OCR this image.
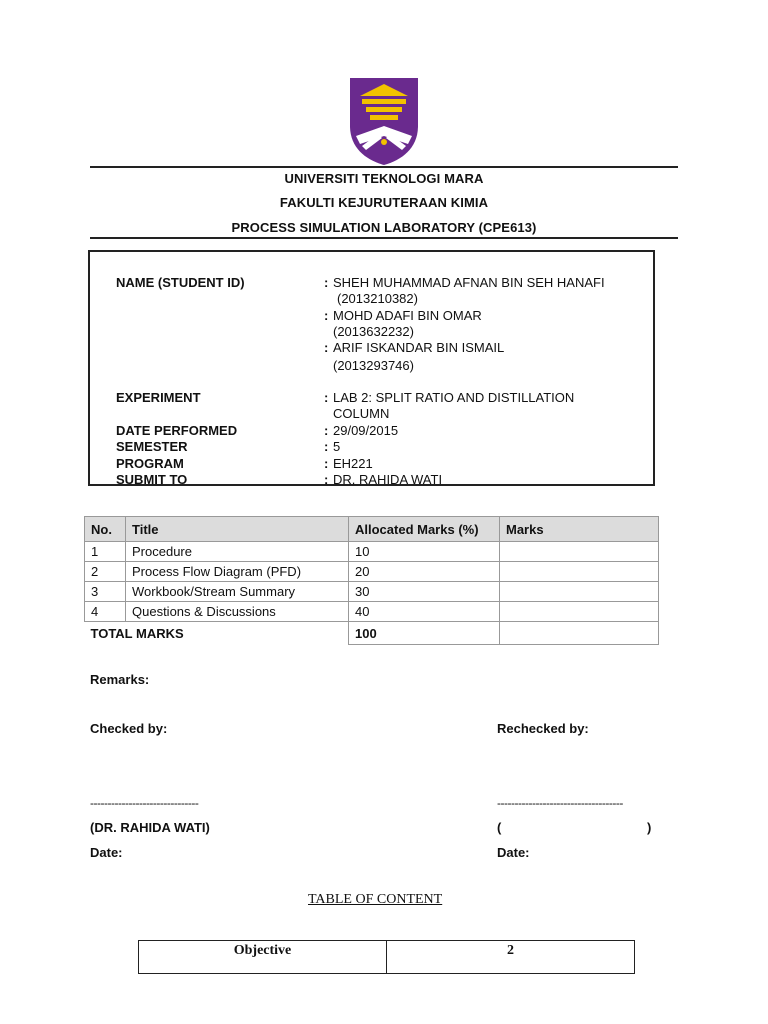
UNIVERSITI TEKNOLOGI MARA
FAKULTI KEJURUTERAAN KIMIA
PROCESS SIMULATION LABORATORY (CPE613)
NAME (STUDENT ID)	: SHEH MUHAMMAD AFNAN BIN SEH HANAFI
(2013210382)
: MOHD ADAFI BIN OMAR
(2013632232)
: ARIF ISKANDAR BIN ISMAIL
(2013293746)
EXPERIMENT	: LAB 2: SPLIT RATIO AND DISTILLATION
COLUMN
DATE PERFORMED	: 29/09/2015
SEMESTER	: 5
PROGRAM	: EH221
SUBMIT TO	: DR. RAHIDA WATI
No.	Title	Allocated Marks (%)	Marks
1	Procedure	10	
2	Process Flow Diagram (PFD)	20	
3	Workbook/Stream Summary	30	
4	Questions & Discussions	40	
TOTAL MARKS		100	
Remarks:
Checked by:	Rechecked by:
-------------------------------	------------------------------------
(DR. RAHIDA WATI)	(	)
Date:	Date:
TABLE OF CONTENT
Objective	2
